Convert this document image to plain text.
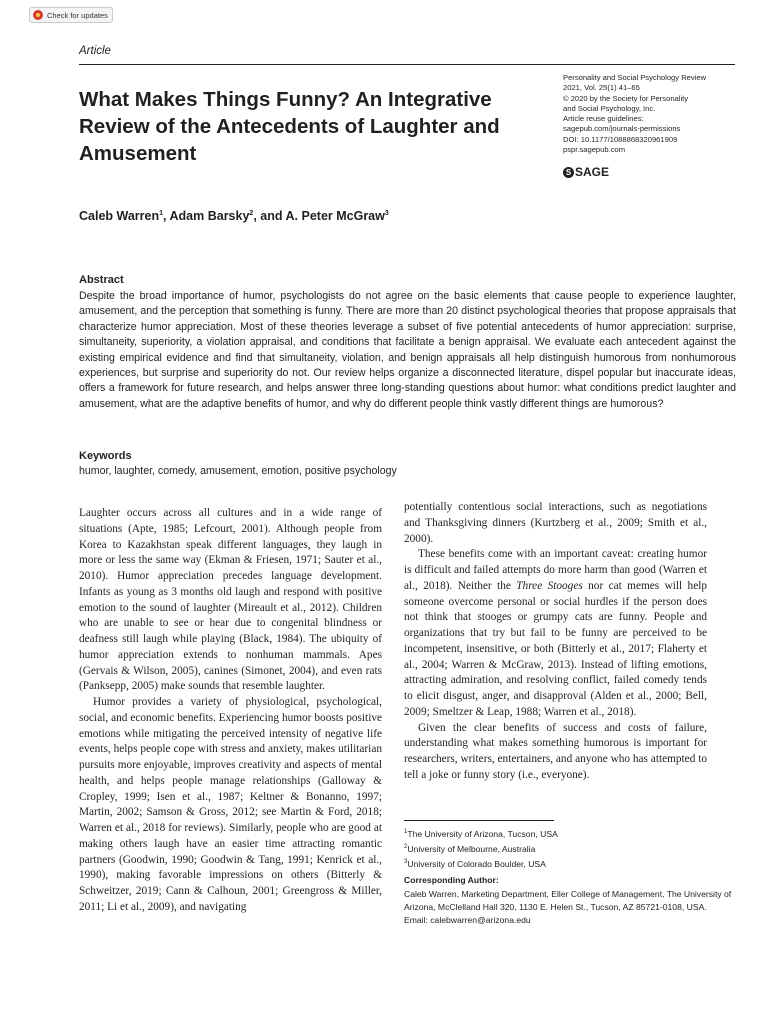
Check for updates
Article
What Makes Things Funny? An Integrative Review of the Antecedents of Laughter and Amusement
Personality and Social Psychology Review
2021, Vol. 25(1) 41–65
© 2020 by the Society for Personality
and Social Psychology, Inc.
Article reuse guidelines:
sagepub.com/journals-permissions
DOI: 10.1177/1088868320961909
pspr.sagepub.com
S SAGE
Caleb Warren$^1$, Adam Barsky$^2$, and A. Peter McGraw$^3$
Abstract

Despite the broad importance of humor, psychologists do not agree on the basic elements that cause people to experience laughter, amusement, and the perception that something is funny. There are more than 20 distinct psychological theories that propose appraisals that characterize humor appreciation. Most of these theories leverage a subset of five potential antecedents of humor appreciation: surprise, simultaneity, superiority, a violation appraisal, and conditions that facilitate a benign appraisal. We evaluate each antecedent against the existing empirical evidence and find that simultaneity, violation, and benign appraisals all help distinguish humorous from nonhumorous experiences, but surprise and superiority do not. Our review helps organize a disconnected literature, dispel popular but inaccurate ideas, offers a framework for future research, and helps answer three long-standing questions about humor: what conditions predict laughter and amusement, what are the adaptive benefits of humor, and why do different people think vastly different things are humorous?

Keywords
humor, laughter, comedy, amusement, emotion, positive psychology

Laughter occurs across all cultures and in a wide range of situations (Apte, 1985; Lefcourt, 2001). Although people from Korea to Kazakhstan speak different languages, they laugh in more or less the same way (Ekman & Friesen, 1971; Sauter et al., 2010). Humor appreciation precedes language development. Infants as young as 3 months old laugh and respond with positive emotion to the sound of laughter (Mireault et al., 2012). Children who are unable to see or hear due to congenital blindness or deafness still laugh while playing (Black, 1984). The ubiquity of humor appreciation extends to nonhuman mammals. Apes (Gervais & Wilson, 2005), canines (Simonet, 2004), and even rats (Panksepp, 2005) make sounds that resemble laughter.

Humor provides a variety of physiological, psychological, social, and economic benefits. Experiencing humor boosts positive emotions while mitigating the perceived intensity of negative life events, helps people cope with stress and anxiety, makes utilitarian pursuits more enjoyable, improves creativity and aspects of mental health, and helps people manage relationships (Galloway & Cropley, 1999; Isen et al., 1987; Keltner & Bonanno, 1997; Martin, 2002; Samson & Gross, 2012; see Martin & Ford, 2018; Warren et al., 2018 for reviews). Similarly, people who are good at making others laugh have an easier time attracting romantic partners (Goodwin, 1990; Goodwin & Tang, 1991; Kenrick et al., 1990), making favorable impressions on others (Bitterly & Schweitzer, 2019; Cann & Calhoun, 2001; Greengross & Miller, 2011; Li et al., 2009), and navigating

potentially contentious social interactions, such as negotiations and Thanksgiving dinners (Kurtzberg et al., 2009; Smith et al., 2000).

These benefits come with an important caveat: creating humor is difficult and failed attempts do more harm than good (Warren et al., 2018). Neither the Three Stooges nor cat memes will help someone overcome personal or social hurdles if the person does not think that stooges or grumpy cats are funny. People and organizations that try but fail to be funny are perceived to be incompetent, insensitive, or both (Bitterly et al., 2017; Flaherty et al., 2004; Warren & McGraw, 2013). Instead of lifting emotions, attracting admiration, and resolving conflict, failed comedy tends to elicit disgust, anger, and disapproval (Alden et al., 2000; Bell, 2009; Smeltzer & Leap, 1988; Warren et al., 2018).

Given the clear benefits of success and costs of failure, understanding what makes something humorous is important for researchers, writers, entertainers, and anyone who has attempted to tell a joke or funny story (i.e., everyone).

$^1$The University of Arizona, Tucson, USA
$^2$University of Melbourne, Australia
$^3$University of Colorado Boulder, USA
Corresponding Author:
Caleb Warren, Marketing Department, Eller College of Management, The University of Arizona, McClelland Hall 320, 1130 E. Helen St., Tucson, AZ 85721-0108, USA.
Email: calebwarren@arizona.edu
